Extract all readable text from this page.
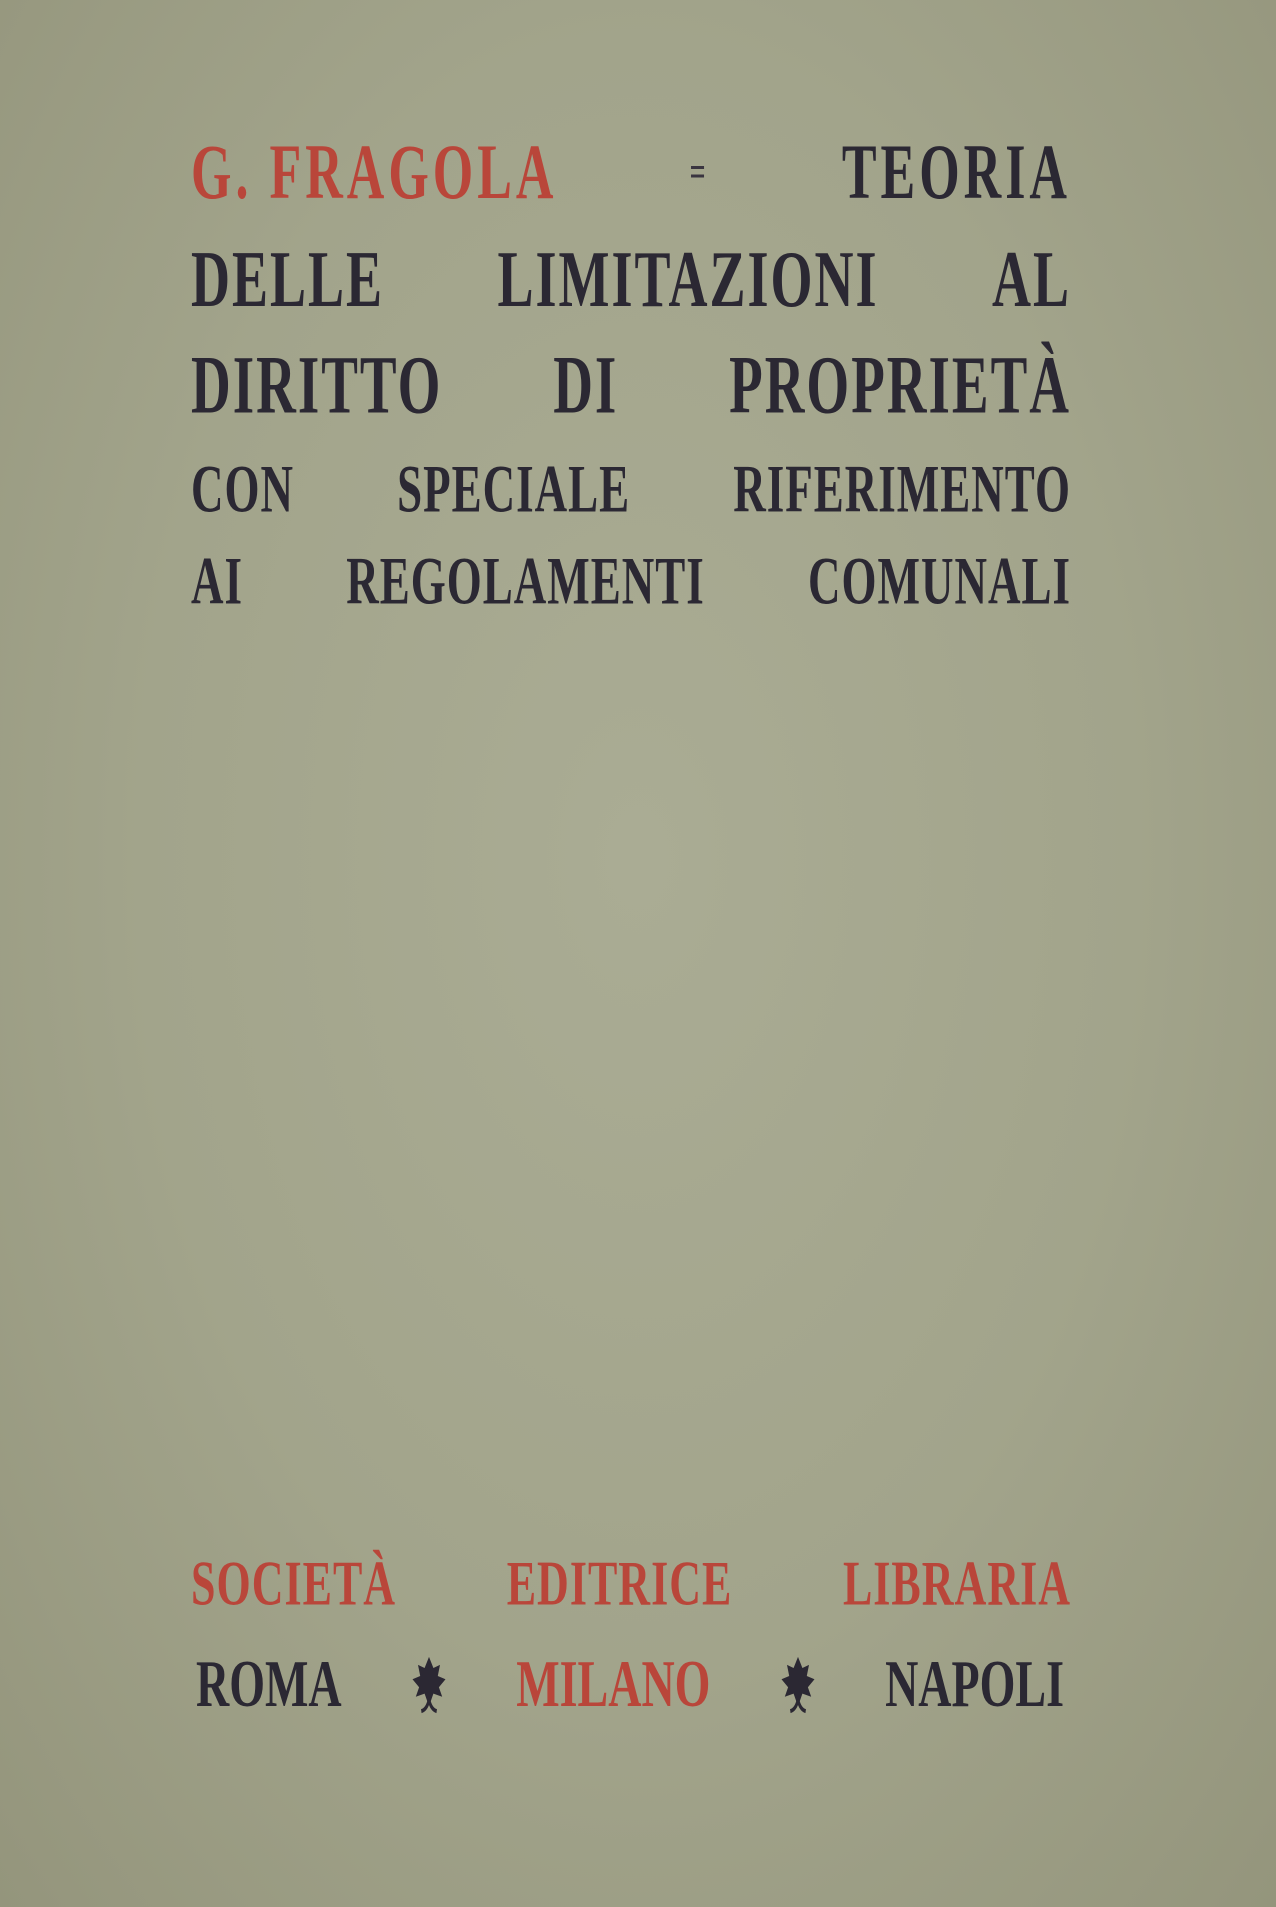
G. FRAGOLA	=	TEORIA
DELLE LIMITAZIONI AL
DIRITTO DI PROPRIETÀ
CON SPECIALE RIFERIMENTO
AI REGOLAMENTI COMUNALI
SOCIETÀ	EDITRICE	LIBRARIA
ROMA	MILANO	NAPOLI
